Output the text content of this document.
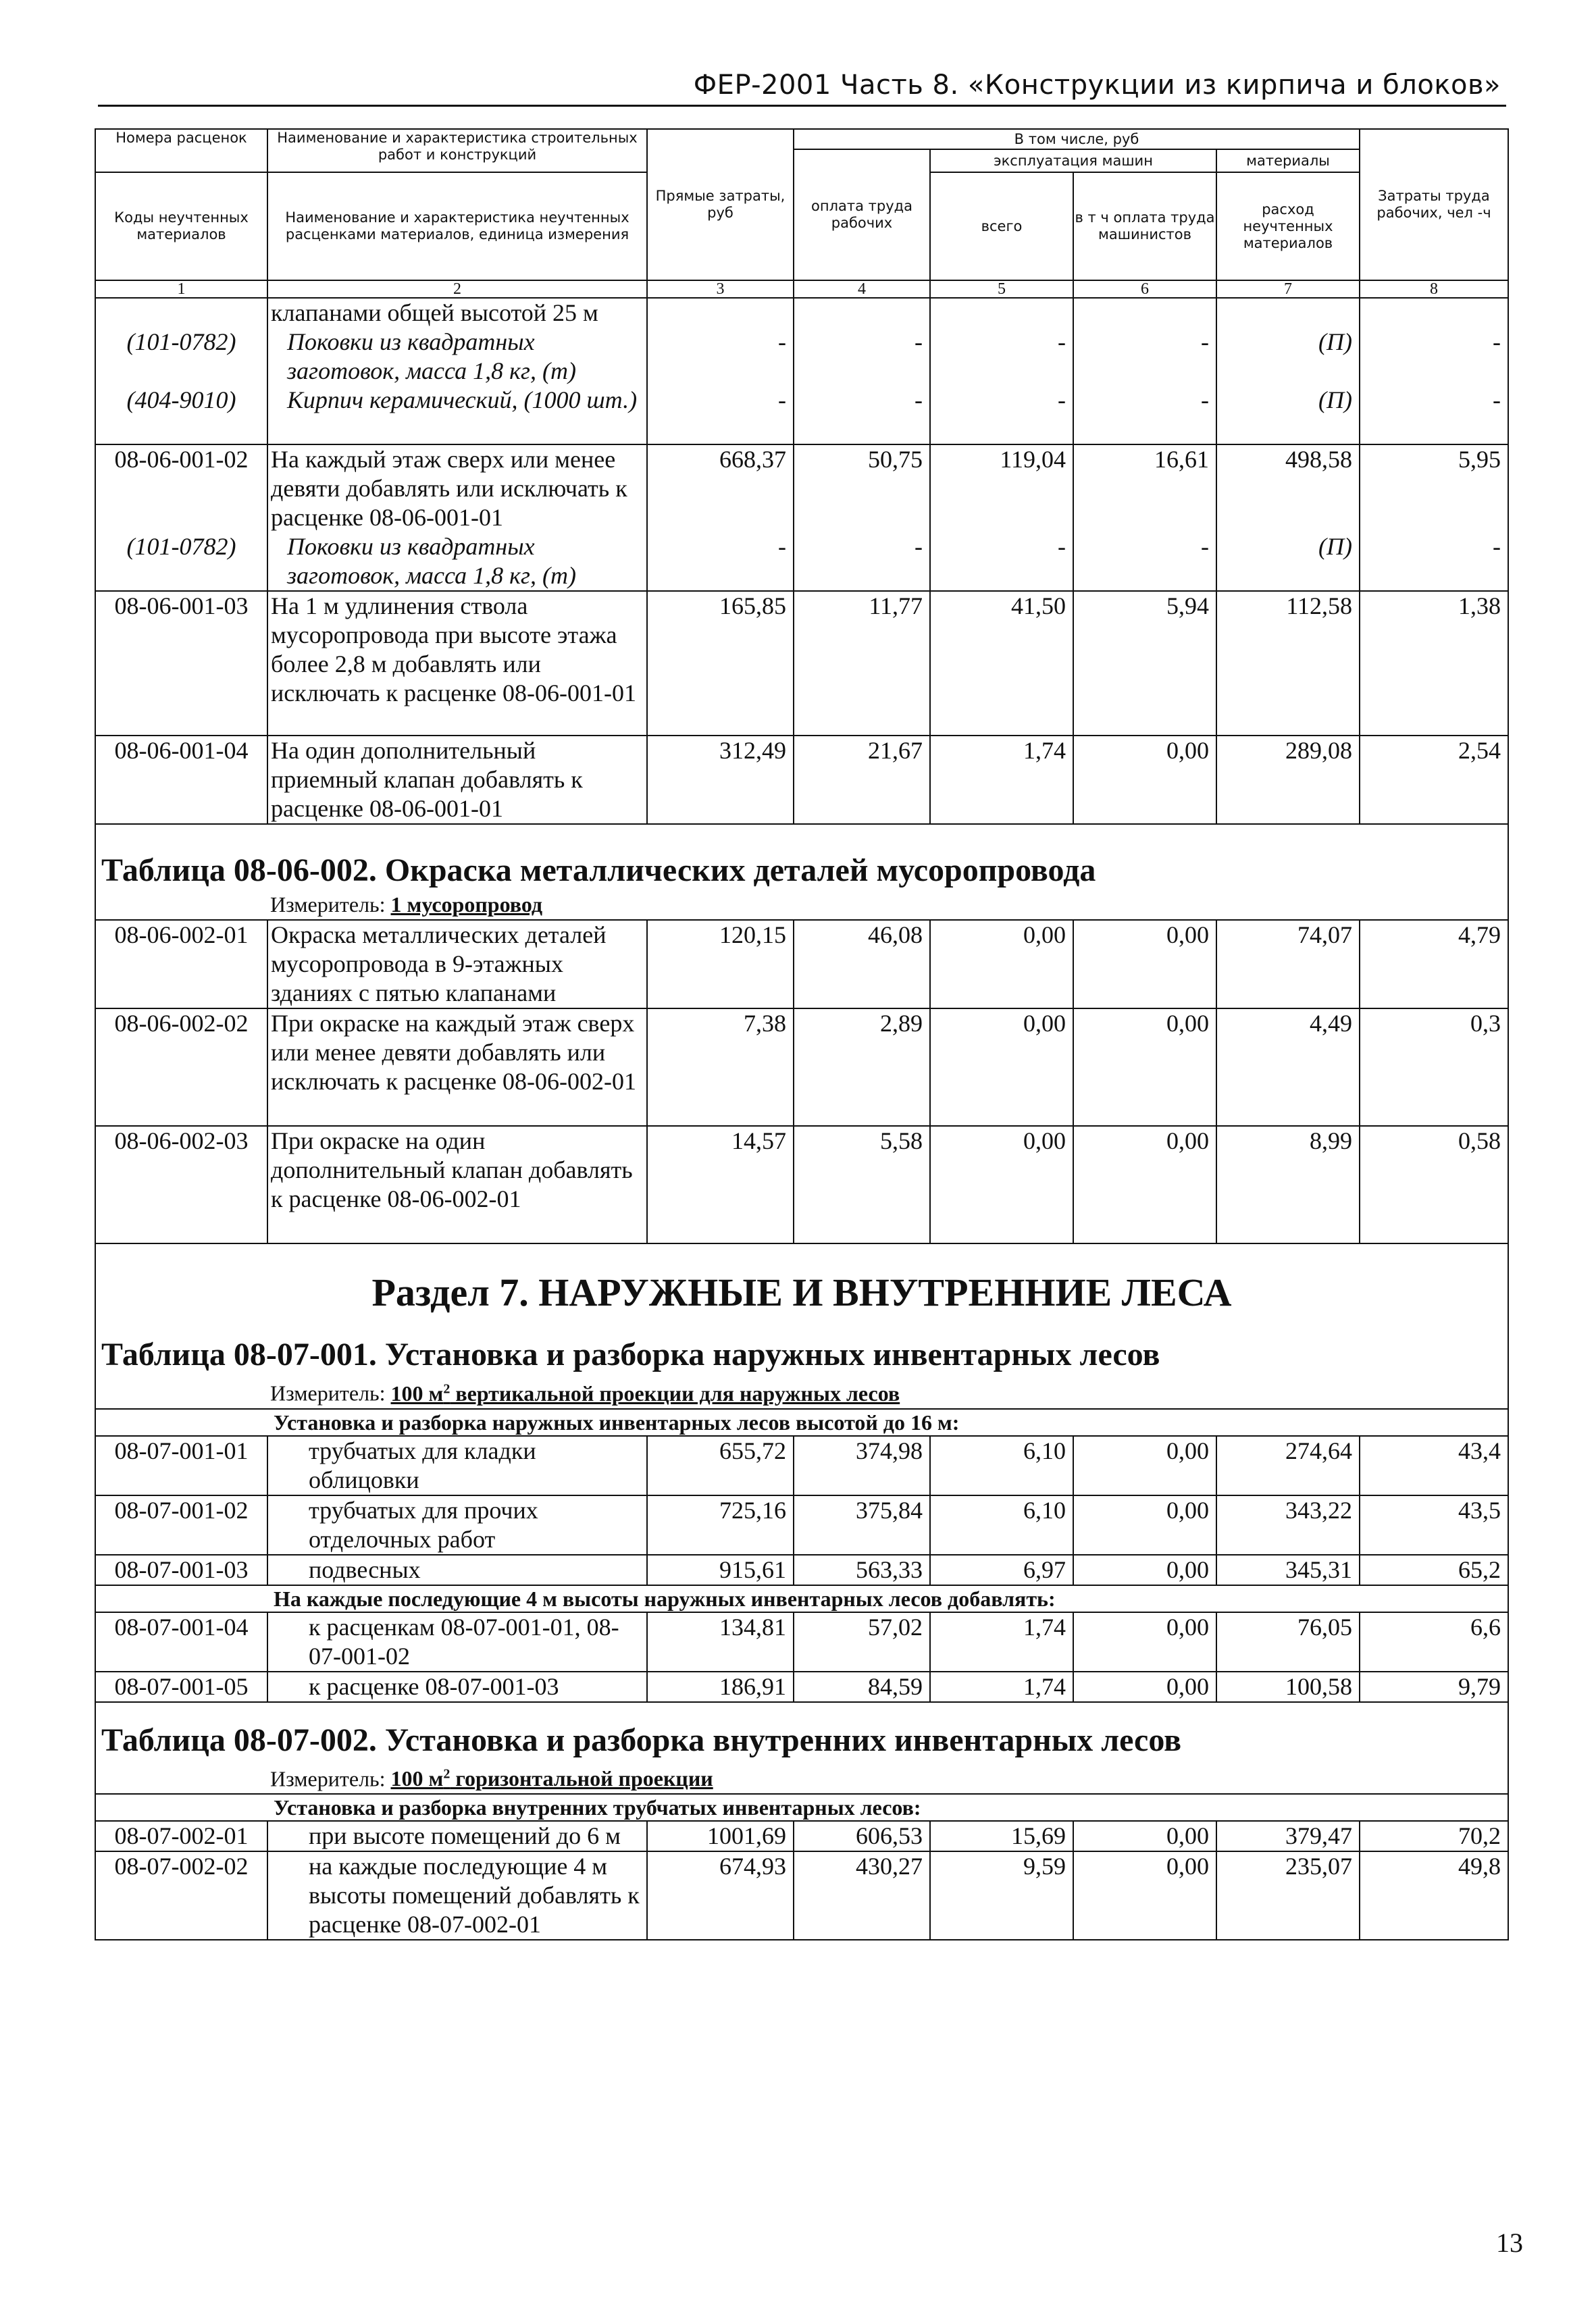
ФЕР-2001 Часть 8. «Конструкции из кирпича и блоков»
Номера расценок	Наименование и характеристика строительных работ и конструкций	Прямые затраты, руб	В том числе, руб				Затраты труда рабочих, чел -ч
			оплата труда рабочих	эксплуатация машин		материалы	
Коды неучтенных материалов	Наименование и характеристика неучтенных расценками материалов, единица измерения			всего	в т ч оплата труда машинистов	расход неучтенных материалов	

1	2	3	4	5	6	7	8
	клапанами общей высотой 25 м						
(101-0782)	Поковки из квадратных заготовок, масса 1,8 кг, (т)	-	-	-	-	(П)	-
(404-9010)	Кирпич керамический, (1000 шт.)	-	-	-	-	(П)	-
08-06-001-02	На каждый этаж сверх или менее девяти добавлять или исключать к расценке 08-06-001-01	668,37	50,75	119,04	16,61	498,58	5,95
(101-0782)	Поковки из квадратных заготовок, масса 1,8 кг, (т)	-	-	-	-	(П)	-
08-06-001-03	На 1 м удлинения ствола мусоропровода при высоте этажа более 2,8 м добавлять или исключать к расценке 08-06-001-01	165,85	11,77	41,50	5,94	112,58	1,38
08-06-001-04	На один дополнительный приемный клапан добавлять к расценке 08-06-001-01	312,49	21,67	1,74	0,00	289,08	2,54

Таблица 08-06-002. Окраска металлических деталей мусоропровода
Измеритель: 1 мусоропровод							

08-06-002-01	Окраска металлических деталей мусоропровода в 9-этажных зданиях с пятью клапанами	120,15	46,08	0,00	0,00	74,07	4,79
08-06-002-02	При окраске на каждый этаж сверх или менее девяти добавлять или исключать к расценке 08-06-002-01	7,38	2,89	0,00	0,00	4,49	0,3
08-06-002-03	При окраске на один дополнительный клапан добавлять к расценке 08-06-002-01	14,57	5,58	0,00	0,00	8,99	0,58

Раздел 7. НАРУЖНЫЕ И ВНУТРЕННИЕ ЛЕСА
Таблица 08-07-001. Установка и разборка наружных инвентарных лесов
Измеритель: 100 $м^2$ вертикальной проекции для наружных лесов							

Установка и разборка наружных инвентарных лесов высотой до 16 м:							
08-07-001-01	трубчатых для кладки облицовки	655,72	374,98	6,10	0,00	274,64	43,4
08-07-001-02	трубчатых для прочих отделочных работ	725,16	375,84	6,10	0,00	343,22	43,5
08-07-001-03	подвесных	915,61	563,33	6,97	0,00	345,31	65,2
На каждые последующие 4 м высоты наружных инвентарных лесов добавлять:							
08-07-001-04	к расценкам 08-07-001-01, 08-07-001-02	134,81	57,02	1,74	0,00	76,05	6,6
08-07-001-05	к расценке 08-07-001-03	186,91	84,59	1,74	0,00	100,58	9,79

Таблица 08-07-002. Установка и разборка внутренних инвентарных лесов
Измеритель: 100 $м^2$ горизонтальной проекции							

Установка и разборка внутренних трубчатых инвентарных лесов:							
08-07-002-01	при высоте помещений до 6 м	1001,69	606,53	15,69	0,00	379,47	70,2
08-07-002-02	на каждые последующие 4 м высоты помещений добавлять к расценке 08-07-002-01	674,93	430,27	9,59	0,00	235,07	49,8
13
